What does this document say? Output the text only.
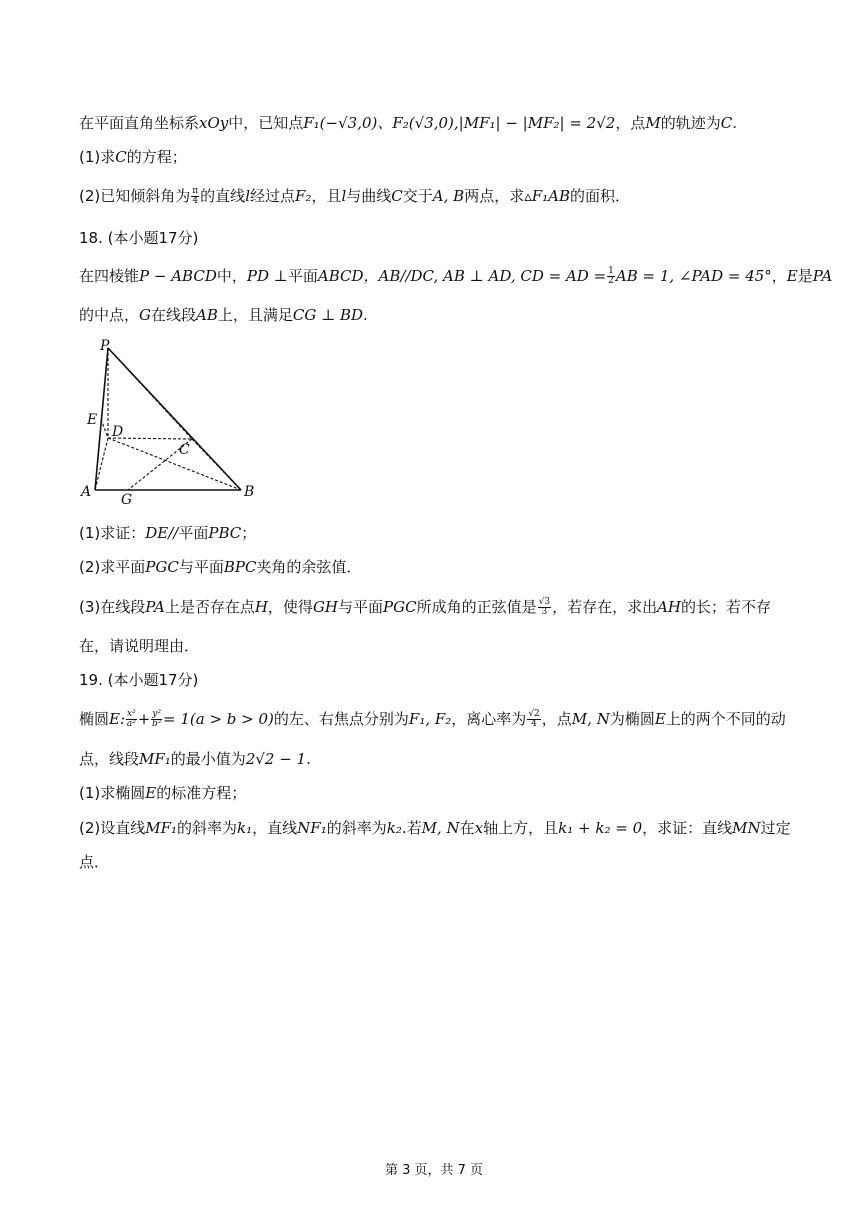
在平面直角坐标系xOy中，已知点F₁(−√3,0)、F₂(√3,0),|MF₁| − |MF₂| = 2√2，点M的轨迹为C.
(1)求C的方程；
(2)已知倾斜角为 $\frac{\pi}{4}$ 的直线l经过点F₂，且l与曲线C交于A, B两点，求▵F₁AB的面积．
18. (本小题17分)
在四棱锥P − ABCD中，PD ⊥平面ABCD，AB//DC, AB ⊥ AD, CD = AD = $\frac{1}{2}$ AB = 1, ∠PAD = 45°，E是PA
的中点，G在线段AB上，且满足CG ⊥ BD.
P
E
D
C
A G	B
(1)求证：DE//平面PBC；
(2)求平面PGC与平面BPC夹角的余弦值．
(3)在线段PA上是否存在点H，使得GH与平面PGC所成角的正弦值是 $\frac{√3}{3}$ ，若存在，求出AH的长；若不存
在，请说明理由．
19. (本小题17分)
椭圆E: $\frac{\text{x²}}{\text{a²}} + \frac{\text{y²}}{\text{b²}} = 1(a > b > 0)$的左、右焦点分别为F₁, F₂，离心率为 $\frac{√2}{4}$ ，点M, N为椭圆E上的两个不同的动
点，线段MF₁的最小值为2√2 − 1.
(1)求椭圆E的标准方程；
(2)设直线MF₁的斜率为k₁，直线NF₁的斜率为k₂.若M, N在x轴上方，且k₁ + k₂ = 0，求证：直线MN过定
点．
第 3 页，共 7 页
